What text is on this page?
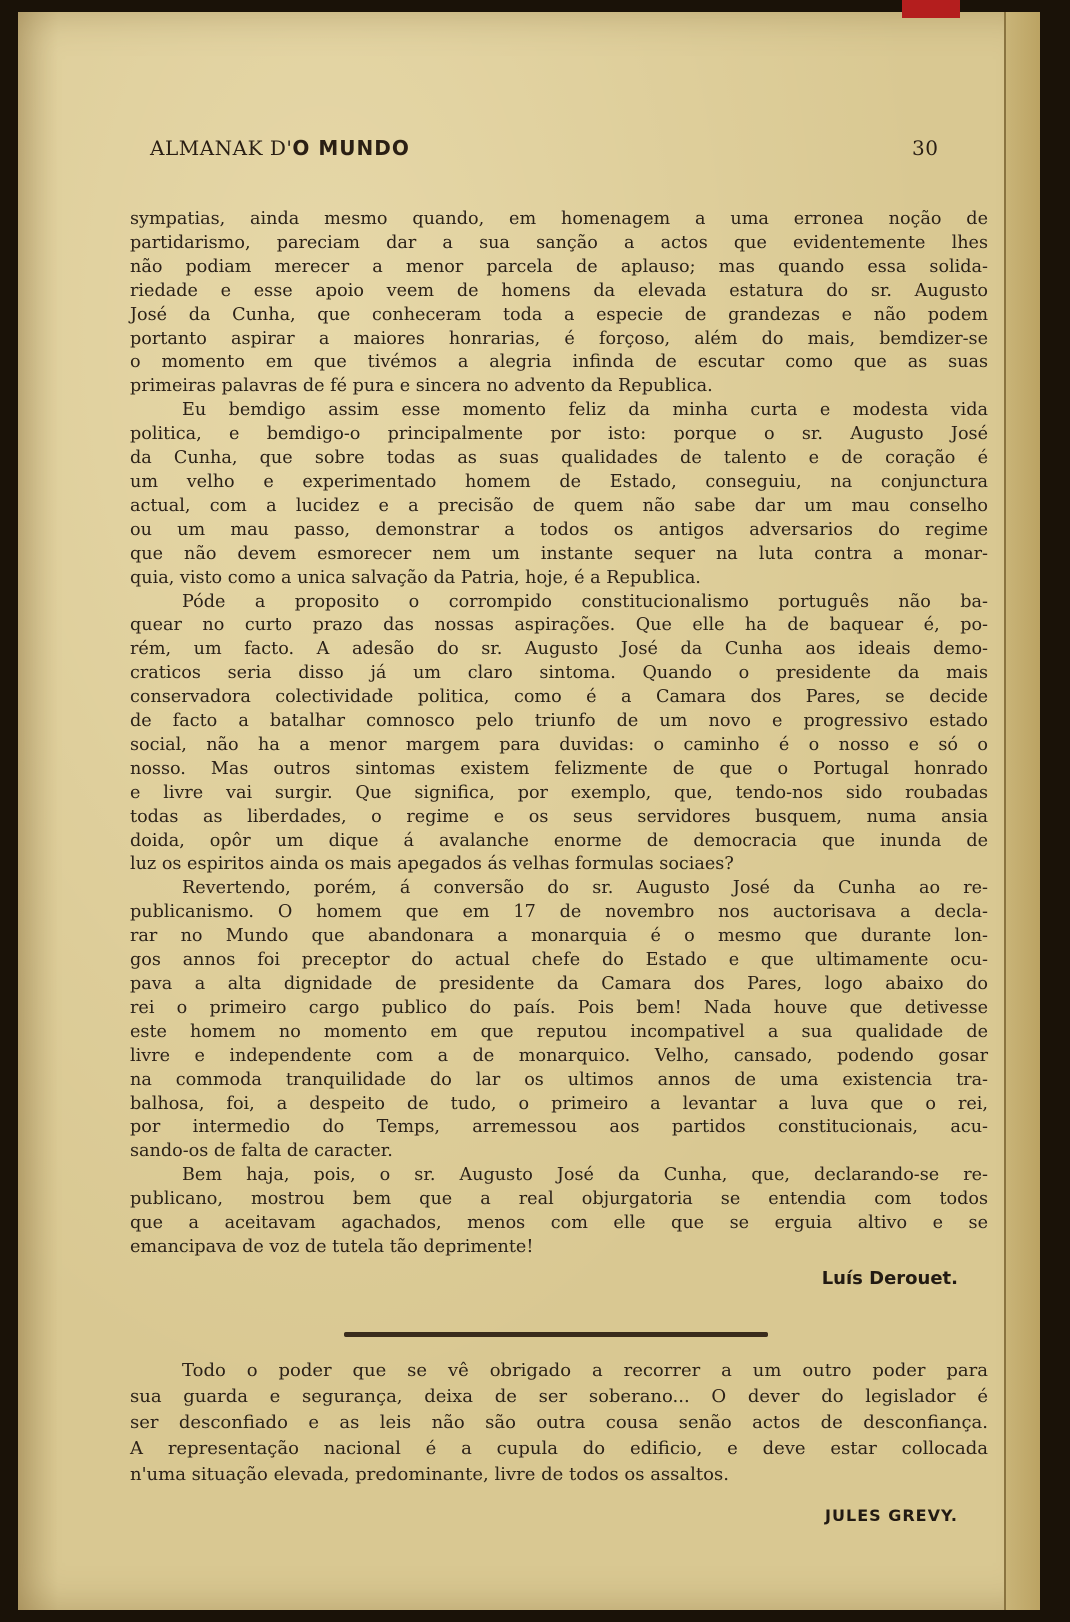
ALMANAK D'O MUNDO	30
sympatias, ainda mesmo quando, em homenagem a uma erronea noção de
partidarismo, pareciam dar a sua sanção a actos que evidentemente lhes
não podiam merecer a menor parcela de aplauso; mas quando essa solida-
riedade e esse apoio veem de homens da elevada estatura do sr. Augusto
José da Cunha, que conheceram toda a especie de grandezas e não podem
portanto aspirar a maiores honrarias, é forçoso, além do mais, bemdizer-se
o momento em que tivémos a alegria infinda de escutar como que as suas
primeiras palavras de fé pura e sincera no advento da Republica.
Eu bemdigo assim esse momento feliz da minha curta e modesta vida
politica, e bemdigo-o principalmente por isto: porque o sr. Augusto José
da Cunha, que sobre todas as suas qualidades de talento e de coração é
um velho e experimentado homem de Estado, conseguiu, na conjunctura
actual, com a lucidez e a precisão de quem não sabe dar um mau conselho
ou um mau passo, demonstrar a todos os antigos adversarios do regime
que não devem esmorecer nem um instante sequer na luta contra a monar-
quia, visto como a unica salvação da Patria, hoje, é a Republica.
Póde a proposito o corrompido constitucionalismo português não ba-
quear no curto prazo das nossas aspirações. Que elle ha de baquear é, po-
rém, um facto. A adesão do sr. Augusto José da Cunha aos ideais demo-
craticos seria disso já um claro sintoma. Quando o presidente da mais
conservadora colectividade politica, como é a Camara dos Pares, se decide
de facto a batalhar comnosco pelo triunfo de um novo e progressivo estado
social, não ha a menor margem para duvidas: o caminho é o nosso e só o
nosso. Mas outros sintomas existem felizmente de que o Portugal honrado
e livre vai surgir. Que significa, por exemplo, que, tendo-nos sido roubadas
todas as liberdades, o regime e os seus servidores busquem, numa ansia
doida, opôr um dique á avalanche enorme de democracia que inunda de
luz os espiritos ainda os mais apegados ás velhas formulas sociaes?
Revertendo, porém, á conversão do sr. Augusto José da Cunha ao re-
publicanismo. O homem que em 17 de novembro nos auctorisava a decla-
rar no Mundo que abandonara a monarquia é o mesmo que durante lon-
gos annos foi preceptor do actual chefe do Estado e que ultimamente ocu-
pava a alta dignidade de presidente da Camara dos Pares, logo abaixo do
rei o primeiro cargo publico do país. Pois bem! Nada houve que detivesse
este homem no momento em que reputou incompativel a sua qualidade de
livre e independente com a de monarquico. Velho, cansado, podendo gosar
na commoda tranquilidade do lar os ultimos annos de uma existencia tra-
balhosa, foi, a despeito de tudo, o primeiro a levantar a luva que o rei,
por intermedio do Temps, arremessou aos partidos constitucionais, acu-
sando-os de falta de caracter.
Bem haja, pois, o sr. Augusto José da Cunha, que, declarando-se re-
publicano, mostrou bem que a real objurgatoria se entendia com todos
que a aceitavam agachados, menos com elle que se erguia altivo e se
emancipava de voz de tutela tão deprimente!
Luís Derouet.
Todo o poder que se vê obrigado a recorrer a um outro poder para
sua guarda e segurança, deixa de ser soberano... O dever do legislador é
ser desconfiado e as leis não são outra cousa senão actos de desconfiança.
A representação nacional é a cupula do edificio, e deve estar collocada
n'uma situação elevada, predominante, livre de todos os assaltos.
JULES GREVY.
